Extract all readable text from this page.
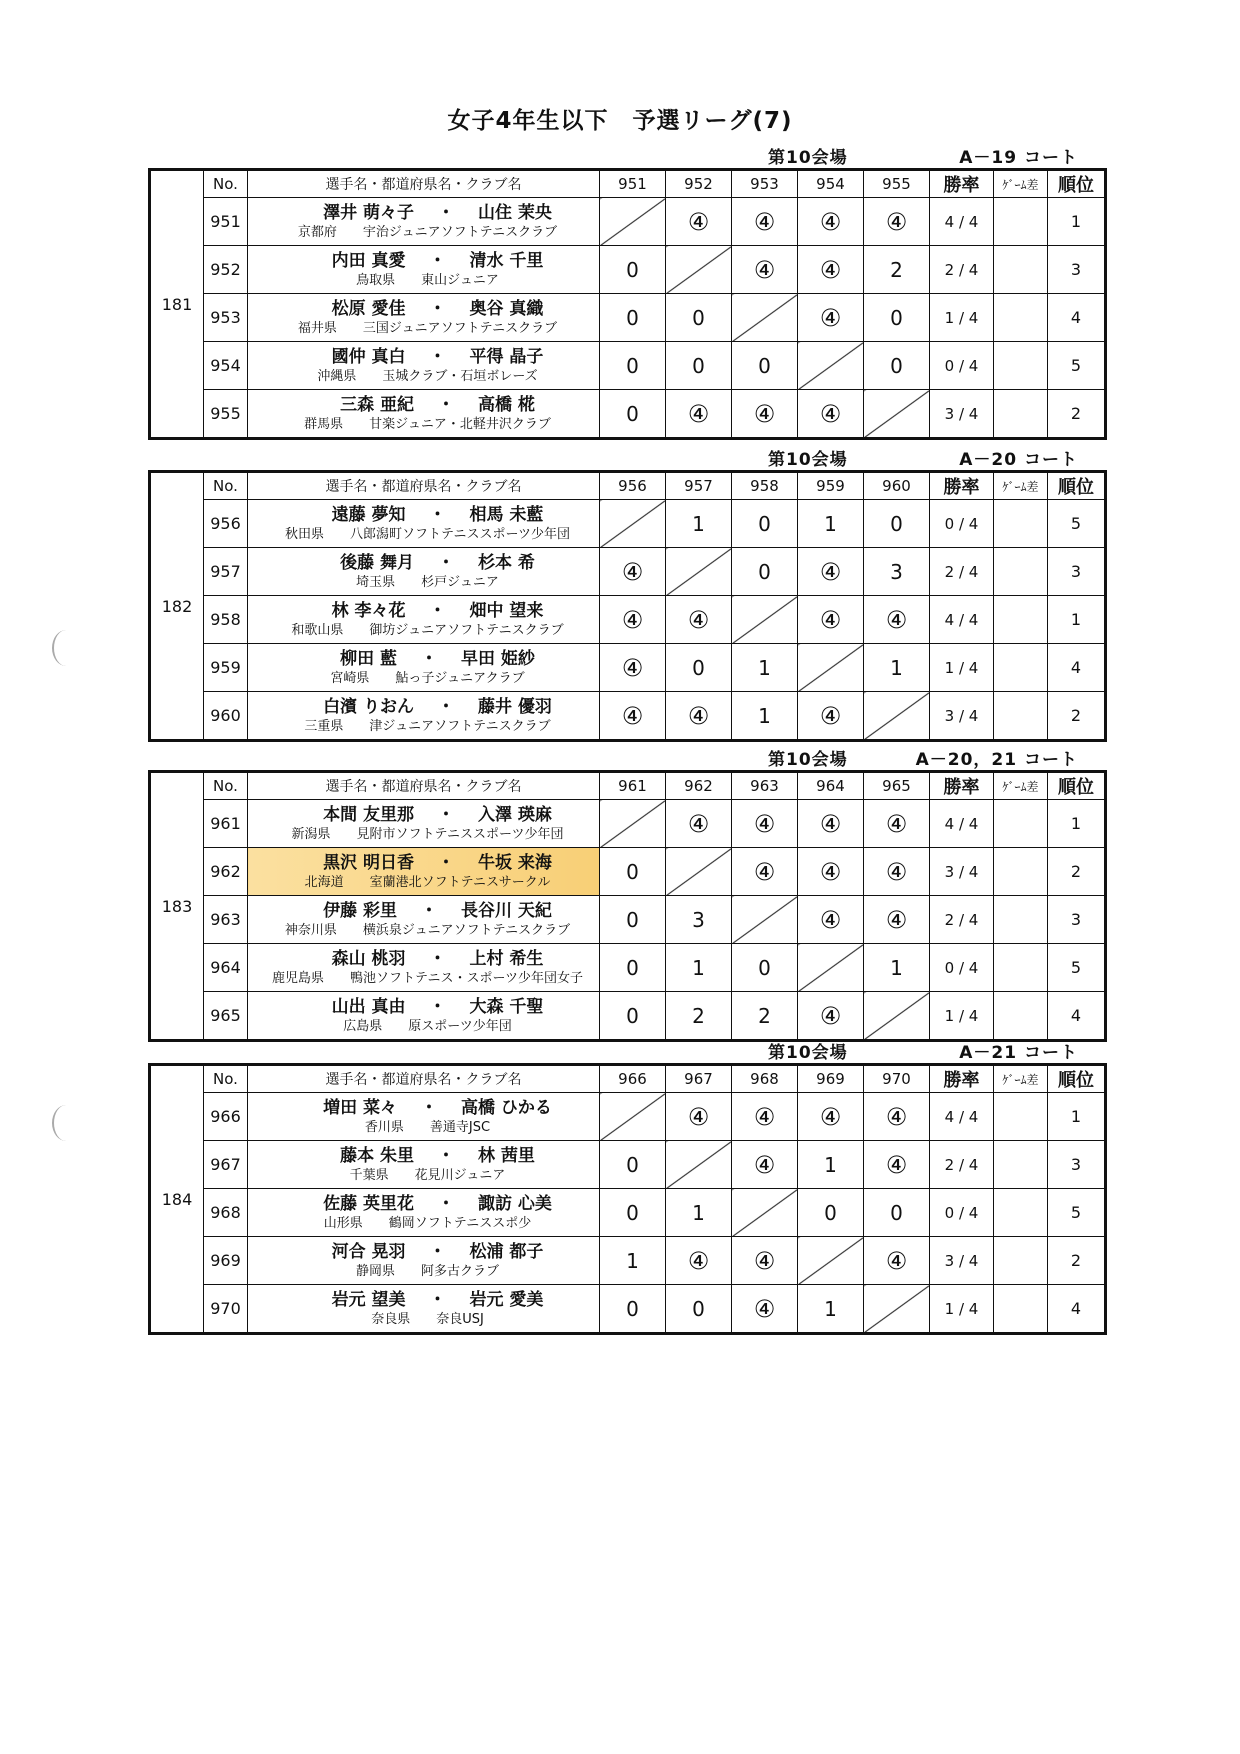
女子4年生以下　予選リーグ(7)
第10会場	A－19 コート
181	No.	選手名・都道府県名・クラブ名	951	952	953	954	955	勝率	ｹﾞｰﾑ差	順位
	951	澤井 萌々子 ・ 山住 茉央
京都府 宇治ジュニアソフトテニスクラブ		④	④	④	④	4 / 4		1
	952	内田 真愛 ・ 清水 千里
鳥取県 東山ジュニア	0		④	④	2	2 / 4		3
	953	松原 愛佳 ・ 奥谷 真織
福井県 三国ジュニアソフトテニスクラブ	0	0		④	0	1 / 4		4
	954	國仲 真白 ・ 平得 晶子
沖縄県 玉城クラブ・石垣ボレーズ	0	0	0		0	0 / 4		5
	955	三森 亜紀 ・ 高橋 椛
群馬県 甘楽ジュニア・北軽井沢クラブ	0	④	④	④		3 / 4		2
第10会場	A－20 コート
182	No.	選手名・都道府県名・クラブ名	956	957	958	959	960	勝率	ｹﾞｰﾑ差	順位
	956	遠藤 夢知 ・ 相馬 未藍
秋田県 八郎潟町ソフトテニススポーツ少年団		1	0	1	0	0 / 4		5
	957	後藤 舞月 ・ 杉本 希
埼玉県 杉戸ジュニア	④		0	④	3	2 / 4		3
	958	林 李々花 ・ 畑中 望来
和歌山県 御坊ジュニアソフトテニスクラブ	④	④		④	④	4 / 4		1
	959	柳田 藍 ・ 早田 姫紗
宮崎県 鮎っ子ジュニアクラブ	④	0	1		1	1 / 4		4
	960	白濱 りおん ・ 藤井 優羽
三重県 津ジュニアソフトテニスクラブ	④	④	1	④		3 / 4		2
第10会場	A－20，21 コート
183	No.	選手名・都道府県名・クラブ名	961	962	963	964	965	勝率	ｹﾞｰﾑ差	順位
	961	本間 友里那 ・ 入澤 瑛麻
新潟県 見附市ソフトテニススポーツ少年団		④	④	④	④	4 / 4		1
	962	黒沢 明日香 ・ 牛坂 来海
北海道 室蘭港北ソフトテニスサークル	0		④	④	④	3 / 4		2
	963	伊藤 彩里 ・ 長谷川 天紀
神奈川県 横浜泉ジュニアソフトテニスクラブ	0	3		④	④	2 / 4		3
	964	森山 桃羽 ・ 上村 希生
鹿児島県 鴨池ソフトテニス・スポーツ少年団女子	0	1	0		1	0 / 4		5
	965	山出 真由 ・ 大森 千聖
広島県 原スポーツ少年団	0	2	2	④		1 / 4		4
第10会場	A－21 コート
184	No.	選手名・都道府県名・クラブ名	966	967	968	969	970	勝率	ｹﾞｰﾑ差	順位
	966	増田 菜々 ・ 高橋 ひかる
香川県 善通寺JSC		④	④	④	④	4 / 4		1
	967	藤本 朱里 ・ 林 茜里
千葉県 花見川ジュニア	0		④	1	④	2 / 4		3
	968	佐藤 英里花 ・ 諏訪 心美
山形県 鶴岡ソフトテニススポ少	0	1		0	0	0 / 4		5
	969	河合 晃羽 ・ 松浦 都子
静岡県 阿多古クラブ	1	④	④		④	3 / 4		2
	970	岩元 望美 ・ 岩元 愛美
奈良県 奈良USJ	0	0	④	1		1 / 4		4
